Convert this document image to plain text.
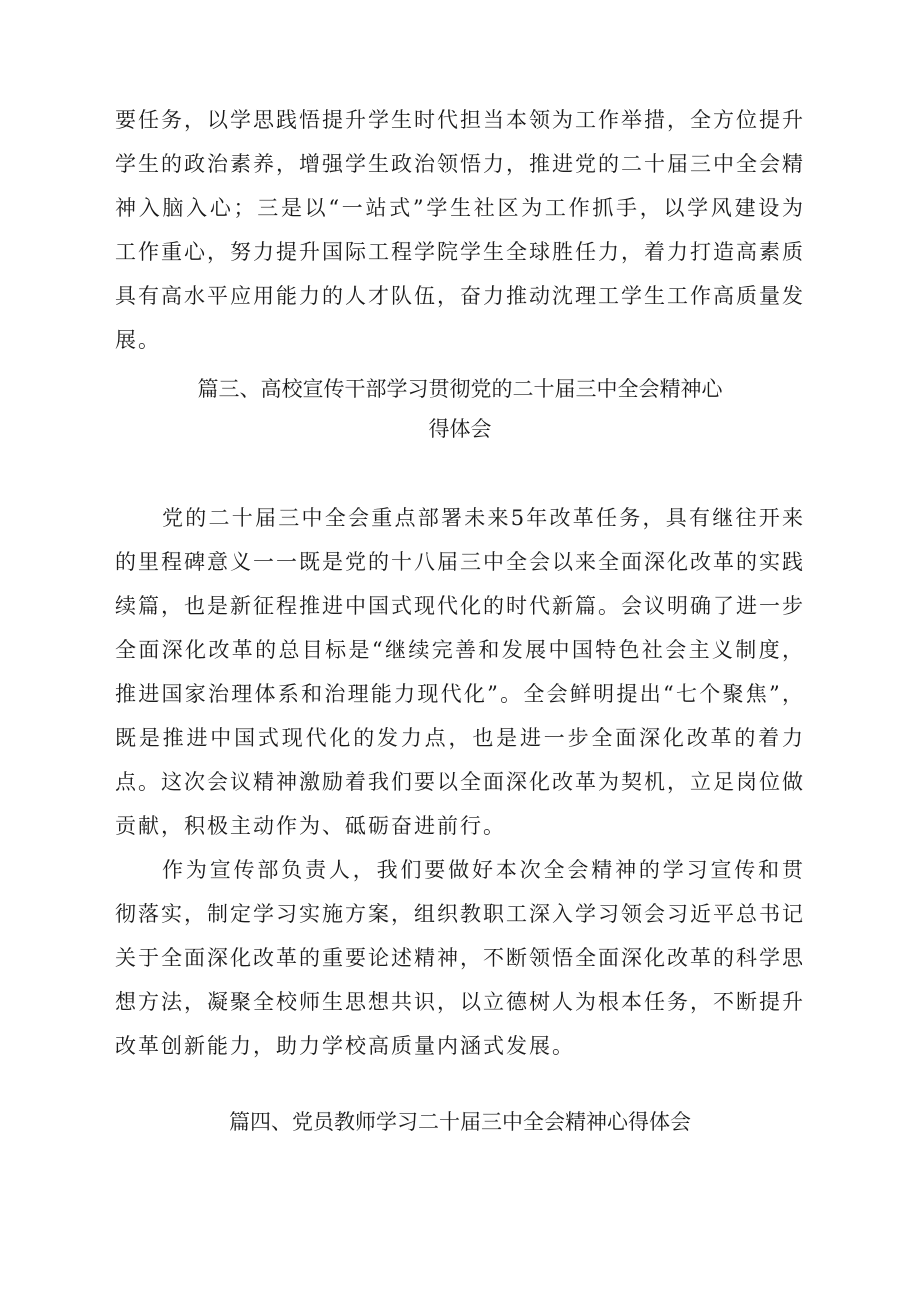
要任务，以学思践悟提升学生时代担当本领为工作举措，全方位提升学生的政治素养，增强学生政治领悟力，推进党的二十届三中全会精神入脑入心；三是以“一站式”学生社区为工作抓手，以学风建设为工作重心，努力提升国际工程学院学生全球胜任力，着力打造高素质具有高水平应用能力的人才队伍，奋力推动沈理工学生工作高质量发展。

篇三、高校宣传干部学习贯彻党的二十届三中全会精神心
得体会

党的二十届三中全会重点部署未来5年改革任务，具有继往开来的里程碑意义一一既是党的十八届三中全会以来全面深化改革的实践续篇，也是新征程推进中国式现代化的时代新篇。会议明确了进一步全面深化改革的总目标是“继续完善和发展中国特色社会主义制度，推进国家治理体系和治理能力现代化”。全会鲜明提出“七个聚焦”，既是推进中国式现代化的发力点，也是进一步全面深化改革的着力点。这次会议精神激励着我们要以全面深化改革为契机，立足岗位做贡献，积极主动作为、砥砺奋进前行。

作为宣传部负责人，我们要做好本次全会精神的学习宣传和贯彻落实，制定学习实施方案，组织教职工深入学习领会习近平总书记关于全面深化改革的重要论述精神，不断领悟全面深化改革的科学思想方法，凝聚全校师生思想共识，以立德树人为根本任务，不断提升改革创新能力，助力学校高质量内涵式发展。

篇四、党员教师学习二十届三中全会精神心得体会
